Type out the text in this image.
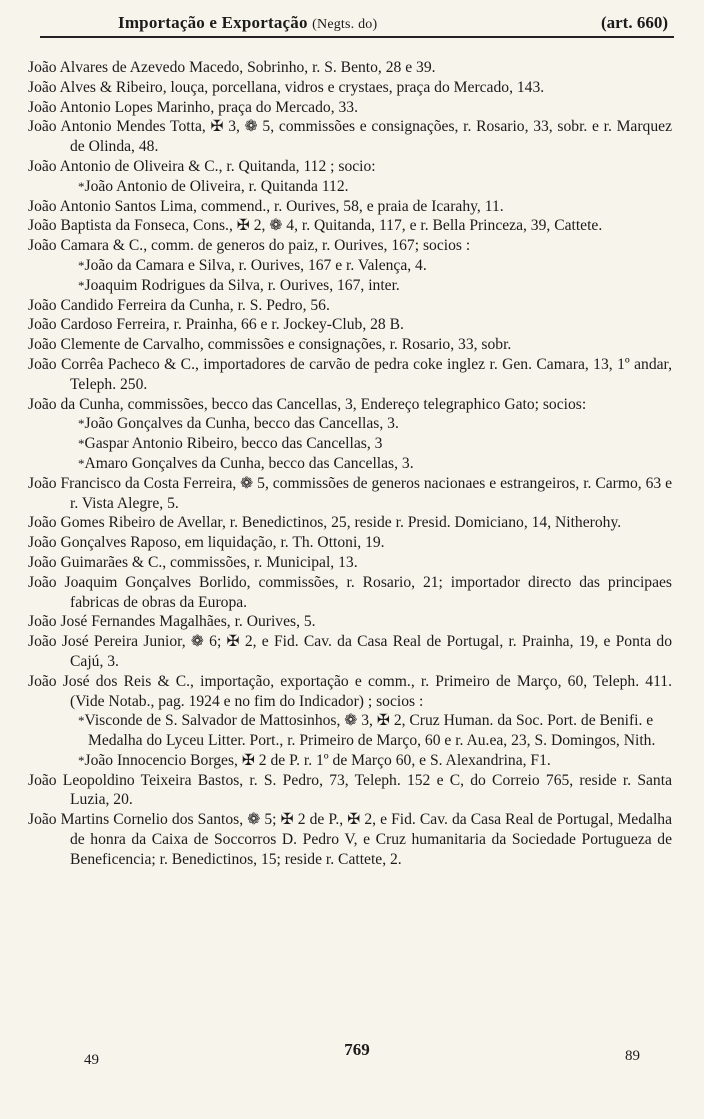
Importação e Exportação (Negts. do)	(art. 660)

João Alvares de Azevedo Macedo, Sobrinho, r. S. Bento, 28 e 39.

João Alves & Ribeiro, louça, porcellana, vidros e crystaes, praça do Mercado, 143.

João Antonio Lopes Marinho, praça do Mercado, 33.

João Antonio Mendes Totta, ✠ 3, ❁ 5, commissões e consignações, r. Rosario, 33, sobr. e r. Marquez de Olinda, 48.

João Antonio de Oliveira & C., r. Quitanda, 112 ; socio:

*João Antonio de Oliveira, r. Quitanda 112.

João Antonio Santos Lima, commend., r. Ourives, 58, e praia de Icarahy, 11.

João Baptista da Fonseca, Cons., ✠ 2, ❁ 4, r. Quitanda, 117, e r. Bella Princeza, 39, Cattete.

João Camara & C., comm. de generos do paiz, r. Ourives, 167; socios :

*João da Camara e Silva, r. Ourives, 167 e r. Valença, 4.

*Joaquim Rodrigues da Silva, r. Ourives, 167, inter.

João Candido Ferreira da Cunha, r. S. Pedro, 56.

João Cardoso Ferreira, r. Prainha, 66 e r. Jockey-Club, 28 B.

João Clemente de Carvalho, commissões e consignações, r. Rosario, 33, sobr.

João Corrêa Pacheco & C., importadores de carvão de pedra coke inglez r. Gen. Camara, 13, 1º andar, Teleph. 250.

João da Cunha, commissões, becco das Cancellas, 3, Endereço telegraphico Gato; socios:

*João Gonçalves da Cunha, becco das Cancellas, 3.

*Gaspar Antonio Ribeiro, becco das Cancellas, 3

*Amaro Gonçalves da Cunha, becco das Cancellas, 3.

João Francisco da Costa Ferreira, ❁ 5, commissões de generos nacionaes e estrangeiros, r. Carmo, 63 e r. Vista Alegre, 5.

João Gomes Ribeiro de Avellar, r. Benedictinos, 25, reside r. Presid. Domiciano, 14, Nitherohy.

João Gonçalves Raposo, em liquidação, r. Th. Ottoni, 19.

João Guimarães & C., commissões, r. Municipal, 13.

João Joaquim Gonçalves Borlido, commissões, r. Rosario, 21; importador directo das principaes fabricas de obras da Europa.

João José Fernandes Magalhães, r. Ourives, 5.

João José Pereira Junior, ❁ 6; ✠ 2, e Fid. Cav. da Casa Real de Portugal, r. Prainha, 19, e Ponta do Cajú, 3.

João José dos Reis & C., importação, exportação e comm., r. Primeiro de Março, 60, Teleph. 411. (Vide Notab., pag. 1924 e no fim do Indicador) ; socios :

*Visconde de S. Salvador de Mattosinhos, ❁ 3, ✠ 2, Cruz Human. da Soc. Port. de Benifi. e Medalha do Lyceu Litter. Port., r. Primeiro de Março, 60 e r. Au.ea, 23, S. Domingos, Nith.

*João Innocencio Borges, ✠ 2 de P. r. 1º de Março 60, e S. Alexandrina, F1.

João Leopoldino Teixeira Bastos, r. S. Pedro, 73, Teleph. 152 e C, do Correio 765, reside r. Santa Luzia, 20.

João Martins Cornelio dos Santos, ❁ 5; ✠ 2 de P., ✠ 2, e Fid. Cav. da Casa Real de Portugal, Medalha de honra da Caixa de Soccorros D. Pedro V, e Cruz humanitaria da Sociedade Portugueza de Beneficencia; r. Benedictinos, 15; reside r. Cattete, 2.

49
769	89
